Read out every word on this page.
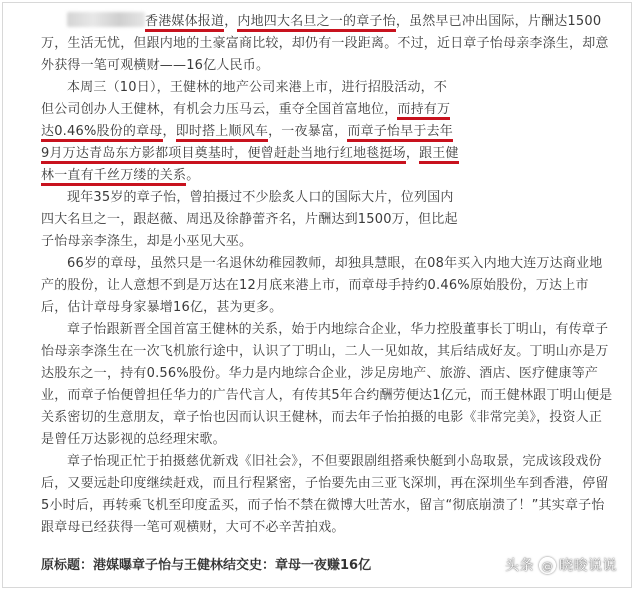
香港媒体报道，内地四大名旦之一的章子怡，虽然早已冲出国际，片酬达1500万，生活无忧，但跟内地的土豪富商比较，却仍有一段距离。不过，近日章子怡母亲李涤生，却意外获得一笔可观横财——16亿人民币。

本周三（10日），王健林的地产公司来港上市，进行招股活动，不但公司创办人王健林，有机会力压马云，重夺全国首富地位，而持有万达0.46%股份的章母，即时搭上顺风车，一夜暴富，而章子怡早于去年9月万达青岛东方影都项目奠基时，便曾赶赴当地行红地毯挺场，跟王健林一直有千丝万缕的关系。

现年35岁的章子怡，曾拍摄过不少脍炙人口的国际大片，位列国内四大名旦之一，跟赵薇、周迅及徐静蕾齐名，片酬达到1500万，但比起子怡母亲李涤生，却是小巫见大巫。

66岁的章母，虽然只是一名退休幼稚园教师，却独具慧眼，在08年买入内地大连万达商业地产的股份，让人意想不到是万达在12月底来港上市，而章母手持约0.46%原始股份，万达上市后，估计章母身家暴增16亿，甚为更多。

章子怡跟新晋全国首富王健林的关系，始于内地综合企业，华力控股董事长丁明山，有传章子怡母亲李涤生在一次飞机旅行途中，认识了丁明山，二人一见如故，其后结成好友。丁明山亦是万达股东之一，持有0.56%股份。华力是内地综合企业，涉足房地产、旅游、酒店、医疗健康等产业，而章子怡便曾担任华力的广告代言人，有传其5年合约酬劳便达1亿元，而王健林跟丁明山便是关系密切的生意朋友，章子怡也因而认识王健林，而去年子怡拍摄的电影《非常完美》，投资人正是曾任万达影视的总经理宋歌。

章子怡现正忙于拍摄慈优新戏《旧社会》，不但要跟剧组搭乘快艇到小岛取景，完成该段戏份后，又要远赴印度继续赶戏，而且行程紧密，子怡要先由三亚飞深圳，再在深圳坐车到香港，停留5小时后，再转乘飞机至印度孟买，而子怡不禁在微博大吐苦水，留言“彻底崩溃了！”其实章子怡跟章母已经获得一笔可观横财，大可不必辛苦拍戏。

原标题：港媒曝章子怡与王健林结交史：章母一夜赚16亿	头条 @ 晓晙说说
